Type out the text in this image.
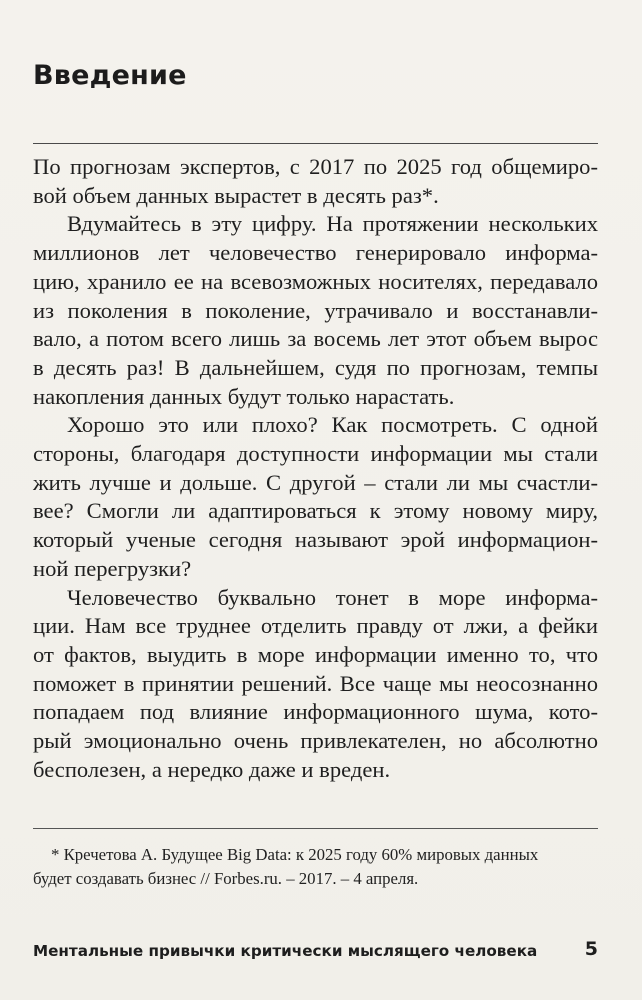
Введение

По прогнозам экспертов, с 2017 по 2025 год общемиро-
вой объем данных вырастет в десять раз*.

Вдумайтесь в эту цифру. На протяжении нескольких
миллионов лет человечество генерировало информа-
цию, хранило ее на всевозможных носителях, передавало
из поколения в поколение, утрачивало и восстанавли-
вало, а потом всего лишь за восемь лет этот объем вырос
в десять раз! В дальнейшем, судя по прогнозам, темпы
накопления данных будут только нарастать.

Хорошо это или плохо? Как посмотреть. С одной
стороны, благодаря доступности информации мы стали
жить лучше и дольше. С другой – стали ли мы счастли-
вее? Смогли ли адаптироваться к этому новому миру,
который ученые сегодня называют эрой информацион-
ной перегрузки?

Человечество буквально тонет в море информа-
ции. Нам все труднее отделить правду от лжи, а фейки
от фактов, выудить в море информации именно то, что
поможет в принятии решений. Все чаще мы неосознанно
попадаем под влияние информационного шума, кото-
рый эмоционально очень привлекателен, но абсолютно
бесполезен, а нередко даже и вреден.

* Кречетова А. Будущее Big Data: к 2025 году 60% мировых данных
будет создавать бизнес // Forbes.ru. – 2017. – 4 апреля.
Ментальные привычки критически мыслящего человека 5
